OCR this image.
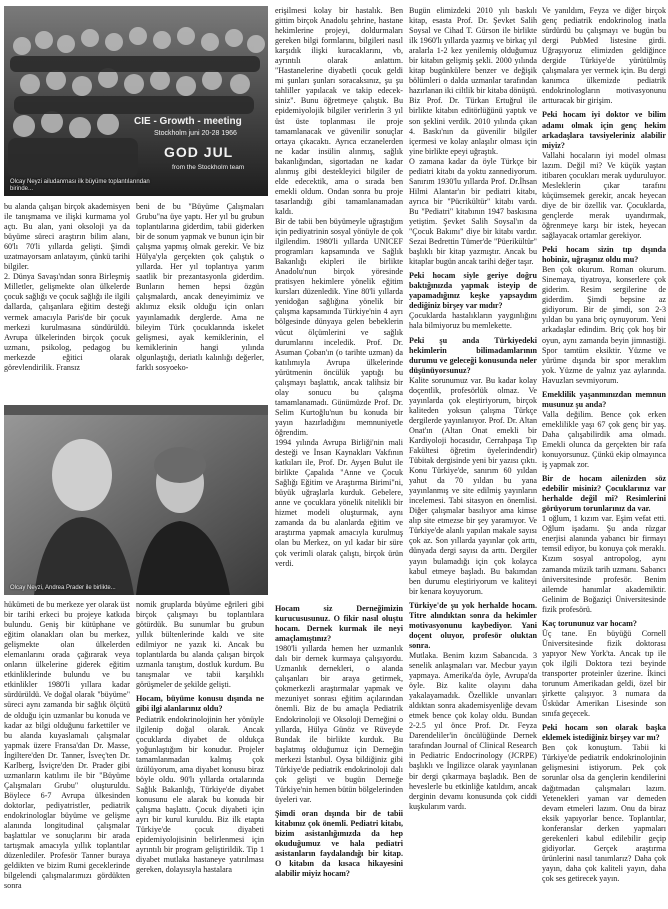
CIE - Growth - meeting
Stockholm juni 20-28 1966
GOD JUL
from the Stockholm team
Olcay Neyzi ailudanrnası ilk büyüme toplantılarından
birinde...
Olcay Neyzi, Andrea Prader ile birlikte...

bu alanda çalışan birçok akademisyen ile tanışmama ve ilişki kurmama yol açtı. Bu alan, yani oksoloji ya da büyüme süreci araştırın bilim alanı, 60'lı 70'li yıllarda gelişti. Şimdi uzatmayorsam anlatayım, çünkü tarihi bilgiler.

2. Dünya Savaşı'ndan sonra Birleşmiş Milletler, gelişmekte olan ülkelerde çocuk sağlığı ve çocuk sağlığı ile ilgili dallarda, çalışanlara eğitim desteği vermek amacıyla Paris'de bir çocuk merkezi kurulmasına sündürüldü. Avrupa ülkelerinden birçok çocuk uzmanı, psikolog, pedagog bu merkezde eğitici olarak görevlendirilik. Fransız

hükümeti de bu merkeze yer olarak üst bir tarihi erkeci bu projeye katkıda bulundu. Geniş bir kütüphane ve eğitim olanakları olan bu merkez, gelişmekte olan ülkelerden elemanlarını orada çağırarak veya onların ülkelerine giderek eğitim etkinliklerinde bulundu ve bu etkinlikler 1980'li yıllara kadar sürdürüldü. Ve doğal olarak "büyüme" süreci aynı zamanda bir sağlık ölçütü de olduğu için uzmanlar bu konuda ve kadar az bilgi olduğunu farkettiler ve bu alanda kuyaslamalı çalışmalar yapmak üzere Fransa'dan Dr. Masse, İngiltere'den Dr. Tanner, İsveç'ten Dr. Karlberg, İsviçre'den Dr. Prader gibi uzmanların katılımı ile bir "Büyüme Çalışmaları Grubu" oluşturuldu. Böylece 6-7 Avrupa ülkesinden doktorlar, pediyatristler, pediatrik endokrinologlar büyüme ve gelişme alanında longitudinal çalışmalar başlattılar ve sonuçlarını bir arada tartışmak amacıyla yıllık toplantılar düzenlediler. Profesör Tanner buraya geldikten ve bizim Rumi geceklerinde bilgelendi çalışmalarımızı gördükten sonra

beni de bu "Büyüme Çalışmaları Grubu"na üye yaptı. Her yıl bu grubun toplantılarına giderdim, tabii giderken bir de sonum yapmak ve bunun için bir çalışma yapmış olmak gerekir. Ve biz Hülya'yla gerçekten çok çalıştık o yıllarda. Her yıl toplantıya yarım saatlik bir prezantasyonla giderdim. Bunların hemen hepsi özgün çalışmalardı, ancak deneyimimiz ve aklımız eksik olduğu için onları yayınlamadık derglerde. Ama ne bileyim Türk çocuklarında iskelet gelişmesi, ayak kemiklerinin, el kemiklerinin hangi yılında olgunlaştığı, deriatlı kalınlığı değerler, farklı sosyoeko-

nomik gruplarda büyüme eğrileri gibi birçok çalışmayı bu toplantılara götürdük. Bu sunumlar bu grubun yıllık bültenlerinde kaldı ve site edilmiyor ne yazık ki. Ancak bu toplantılarda bu alanda çalışan birçok uzmanla tanıştım, dostluk kurdum. Bu tanışmalar ve tabii karşılıklı görüşmeler de şekilde gelişti.

Hocam, büyüme konusu dışında ne gibi ilgi alanlarınız oldu?

Pediatrik endokrinolojinin her yönüyle ilgilenip doğal olarak. Ancak çocuklarda diyabet de oldukça yoğunlaştığım bir konudur. Projeler tamamlanmadan kalmış çok üzülüyorum, ama diyabet konusu biraz böyle oldu. 90'lı yıllarda ortalarında Sağlık Bakanlığı, Türkiye'de diyabet konusunu ele alarak bu konuda bir çalışma başlattı. Çocuk diyabeti için ayrı bir kurul kuruldu. Biz ilk etapta Türkiye'de çocuk diyabeti epidemiyolojisinin belirlenmesi için ayrıntılı bir program geliştirildik. Tip 1 diyabet mutlaka hastaneye yatırılması gereken, dolayısıyla hastalara

erişilmesi kolay bir hastalık. Ben gittim birçok Anadolu şehrine, hastane hekimlerine projeyi, doldurmaları gereken bilgi formlarını, bilgileri nasıl karşıdık ilişki kuracaklarını, vb, ayrıntılı olarak anlattım. "Hastanelerine diyabetli çocuk geldi mi şunları şunları soracaksınız, şu şu tahliller yapılacak ve takip edecek-siniz". Bunu öğretmeye çalıştık. Bu epidemiyolojik bilgiler verirlerin 3 yıl üst üste toplanması ile proje tamamlanacak ve güvenilir sonuçlar ortaya çıkacaktı. Ayrıca eczanelerden ne kadar insülin alınmış, sağlık bakanlığından, sigortadan ne kadar alınmış gibi destekleyici bilgiler de elde edecektik, ama o sırada ben emekli oldum. Ondan sonra bu proje tasarlandığı gibi tamamlanamadan kaldı.

Bir de tabii ben büyümeyle uğraştığım için pediyatrinin sosyal yönüyle de çok ilgilendim. 1980'li yıllarda UNICEF programları kapsamında ve Sağlık Bakanlığı ekipleri ile birlikte Anadolu'nun birçok yöresinde pratisyen hekimlere yönelik eğitim kursları düzenledik. Yine 80'li yıllarda yenidoğan sağlığına yönelik bir çalışma kapsamında Türkiye'nin 4 ayrı bölgesinde dünyaya gelen bebeklerin vücut ölçümlerini ve sağlık durumlarını inceledik. Prof. Dr. Asuman Çoban'ın (o tarihte uzman) da katılımıyla Avrupa ülkelerinde yürütmenin öncülük yaptığı bu çalışmayı başlattık, ancak talihsiz bir olay sonucu bu çalışma tamamlanamadı. Günümüzde Prof. Dr. Selim Kurtoğlu'nun bu konuda bir yayın hazırladığını memnuniyetle öğrendim.

1994 yılında Avrupa Birliği'nin mali desteği ve İnsan Kaynakları Vakfının katkıları ile, Prof. Dr. Ayşen Bulut ile birlikte Çapalıda "Anne ve Çocuk Sağlığı Eğitim ve Araştırma Birimi"ni, büyük uğraşlarla kurduk. Gebelere, anne ve çocuklara yönelik nitelikli bir hizmet modeli oluşturmak, aynı zamanda da bu alanlarda eğitim ve araştırma yapmak amacıyla kurulmuş olan bu Merkez, on yıl kadar bir süre çok verimli olarak çalıştı, birçok ürün verdi.

Hocam siz Derneğimizin kurucususunuz. O fikir nasıl oluştu hocam. Dernek kurmak ile neyi amaçlamıştınız?

1980'li yıllarda hemen her uzmanlık dalı bir dernek kurmaya çalışıyordu. Uzmanlık dernekleri, o alanda çalışanları bir araya getirmek, çokmerkezli araştırmalar yapmak ve mezuniyet sonrası eğitim açılarından önemli. Biz de bu amaçla Pediatrik Endokrinoloji ve Oksoloji Derneğini o yıllarda, Hülya Günöz ve Rüveyde Bundak ile birlikte kurduk. Bu başlatmış olduğumuz için Derneğin merkezi İstanbul. Oysa bildiğiniz gibi Türkiye'de pediatrik endokrinoloji dalı çok gelişti ve bugün Derneğe Türkiye'nin hemen bütün bölgelerinden üyeleri var.

Şimdi oran dışında bir de tabii kitabınız çok önemli. Pediatri kitabı, bizim asistanlığımızda da hep okuduğumuz ve hala pediatri asistanların faydalandığı bir kitap. O kitabın da kısaca hikayesini alabilir miyiz hocam?

Bugün elimizdeki 2010 yılı baskılı kitap, esasta Prof. Dr. Şevket Salih Soysal ve Cihad T. Gürson ile birlikte ilk 1960'lı yıllarda yazmış ve birkaç yıl aralarla 1-2 kez yenilemiş olduğumuz bir kitabın gelişmiş şekli. 2000 yılında kitap bugünkülere benzer ve değişik bölümleri o dalda uzmanlar tarafından hazırlanan iki ciltlik bir kitaba dönüştü. Biz Prof. Dr. Türkan Ertuğrul ile birlikte kitabın editörlüğünü yaptık ve son şeklini verdik. 2010 yılında çıkan 4. Baskı'nın da güvenilir bilgiler içermesi ve kolay anlaşılır olması için yine birlikte epeyi uğraştık.

O zamana kadar da öyle Türkçe bir pediatri kitabı da yoktu zannediyorum. Sanırım 1930'lu yıllarda Prof. Dr.İhsan Hilmi Alantar'ın bir pediatri kitabı, ayrıca bir "Pücrikültür" kitabı vardı. Bu "Pediatri" kitabının 1947 baskısına yetiştim. Şevket Salih Soysal'ın da "Çocuk Bakımı" diye bir kitabı vardır. Sezai Bedrettin Tümer'de "Püerikültür" başlıklı bir kitap yazmıştır. Ancak bu kitaplar bugün ancak tarihi değer taşır.

Peki hocam siyle geriye doğru baktığınızda yapmak isteyip de yapamadığınız keşke yapsaydım dediğiniz birşey var mıdır?

Çocuklarda hastalıkların yaygınlığını hala bilmiyoruz bu memlekette.

Peki şu anda Türkiyedeki hekimlerin bilimadamlarının durumu ve geleceği konusunda neler düşünüyorsunuz?

Kalite sorunumuz var. Bu kadar kolay doçentlik, profesörlük olmaz. Ve yayınlarda çok eleştiriyorum, birçok kaliteden yoksun çalışma Türkçe dergilerde yayınlanıyor. Prof. Dr. Altan Onat'ın (Altan Onat emekli bir Kardiyoloji hocasıdır, Cerrahpaşa Tıp Fakültesi öğretim üyelerindendir) Tübitak dergisinde yeni bir yazısı çıktı. Konu Türkiye'de, sanırım 60 yıldan yahut da 70 yıldan bu yana yayınlanmış ve site edilmiş yayınların incelemesi. Tabi sitasyon en önemlisi. Diğer çalışmalar basılıyor ama kimse alıp site etmezse bir şey yaramıyor. Ve Türkiye'de alanlı yapılan makale sayısı çok az. Son yıllarda yayınlar çok arttı, dünyada dergi sayısı da arttı. Dergiler yayın bulamadığı için çok kolayca kabul etmeye başladı. Bu bakımdan ben durumu eleştiriyorum ve kaliteyi bir kenara koyuyorum.

Türkiye'de şu yok herhalde hocam. Titre alındıktan sonra da hekimler motivasyonunu kaybediyor. Yani doçent oluyor, profesör oluktan sonra.

Mutlaka. Benim kızım Sabancıda. 3 senelik anlaşmaları var. Mecbur yayın yapmaya. Amerika'da öyle, Avrupa'da öyle. Biz kalite olayını daha yakalayamadık. Özellikle unvanları aldıktan sonra akademisyenliğe devam etmek bence çok kolay oldu. Bundan 2-2.5 yıl önce Prof. Dr. Feyza Darendeliler'in öncülüğünde Dernek tarafından Journal of Clinical Research in Pediatric Endocrinology (JCRPE) başlıklı ve İngilizce olarak yayınlanan bir dergi çıkarmaya başladık. Ben de heveslerle bu etkinliğe katıldım, ancak derginin devamı konusunda çok ciddi kuşkularım vardı.

Ve yanıldım, Feyza ve diğer birçok genç pediatrik endokrinolog inatla sürdürdü bu çalışmayı ve bugün bu dergi PubMed listesine girdi. Uğraşıyoruz elimizden geldiğince dergide Türkiye'de yürütülmüş çalışmalara yer vermek için. Bu dergi kanımca ülkemizde pediatrik endokrinologların motivasyonunu artturacak bir girişim.

Peki hocam iyi doktor ve bilim adamı olmak için genç hekim arkadaşlara tavsiyeleriniz alabilir miyiz?

Vallahi hocaların iyi model olması lazım. Değil mi? Ve küçük yaştan itibaren çocukları merak uyduruluyor. Mesleklerin çıkar tarafını küçümsemek gerekir, ancak heyecan diye de bir özellik var. Çocuklarda, gençlerde merak uyandırmak, öğrenmeye karşı bir istek, heyecan sağlayacak ortamlar gerekiyor.

Peki hocam sizin tıp dışında hobiniz, uğraşınız oldu mu?

Ben çok okurum. Roman okurum. Sinemaya, tiyatroya, konserlere çok giderim. Resim sergilerine de giderdim. Şimdi bepsine az gidiyorum. Bir de şimdi, son 2-3 yıldan bu yana briç oynuyorum. Yeni arkadaşlar edindim. Briç çok hoş bir oyun, aynı zamanda beyin jimnastiği. Spor tamtüm eksiktir. Yüzme ve yürüme dışında bir spor meraklım yok. Yüzme de yalnız yaz aylarında. Havuzları sevmiyorum.

Emeklilik yaşanmınızdan memnun musunuz şu anda?

Valla değilim. Bence çok erken emeklilikle yaşı 67 çok genç bir yaş. Daha çalışabilirdik ama olmadı. Emekli olunca da gerçekten bir rafa konuyorsunuz. Çünkü ekip olmayınca iş yapmak zor.

Bir de hocam ailenizden söz edebilir misiniz? Çocuklarınız var herhalde değil mi? Resimlerini görüyorum torunlarınız da var.

1 oğlum, 1 kızım var. Eşim vefat etti. Oğlum işadamı. Şu anda rüzgar enerjisi alanında yabancı bir firmayı temsil ediyor, bu konuya çok meraklı. Kızım sosyal antropolog, aynı zamanda müzik tarih uzmanı. Sabancı üniversitesinde profesör. Benim ailemde hanımlar akademiktir. Gelinim de Boğaziçi Üniversitesinde fizik profesörü.

Kaç torununuz var hocam?

Üç tane. En büyüğü Cornell Üniversitesinde fizik doktorası yapıyor New York'ta. Ancak tıp ile çok ilgili Doktora tezi beyinde transporter proteinler üzerine. İkinci torunum Amerikadan geldi, özel bir şirkette çalışıyor. 3 numara da Üsküdar Amerikan Lisesinde son sınıfa geçecek.

Peki hocam son olarak başka eklemek istediğiniz birşey var mı?

Ben çok konuştum. Tabii ki Türkiye'de pediatrik endokrinolojinin gelişmesini istiyorum. Pek çok sorunlar olsa da gençlerin kendilerini dağıtmadan çalışmaları lazım. Yetenekleri yaman var demeden devam etmeleri lazım. Onu da biraz eksik yapıyorlar bence. Toplantılar, konferanslar derken yapmaları gerekenleri kabul edilebilir geçip gidiyorlar. Gerçek araştırma ürünlerini nasıl tanımlarız? Daha çok yayın, daha çok kaliteli yayın, daha çok ses getirecek yayın.
